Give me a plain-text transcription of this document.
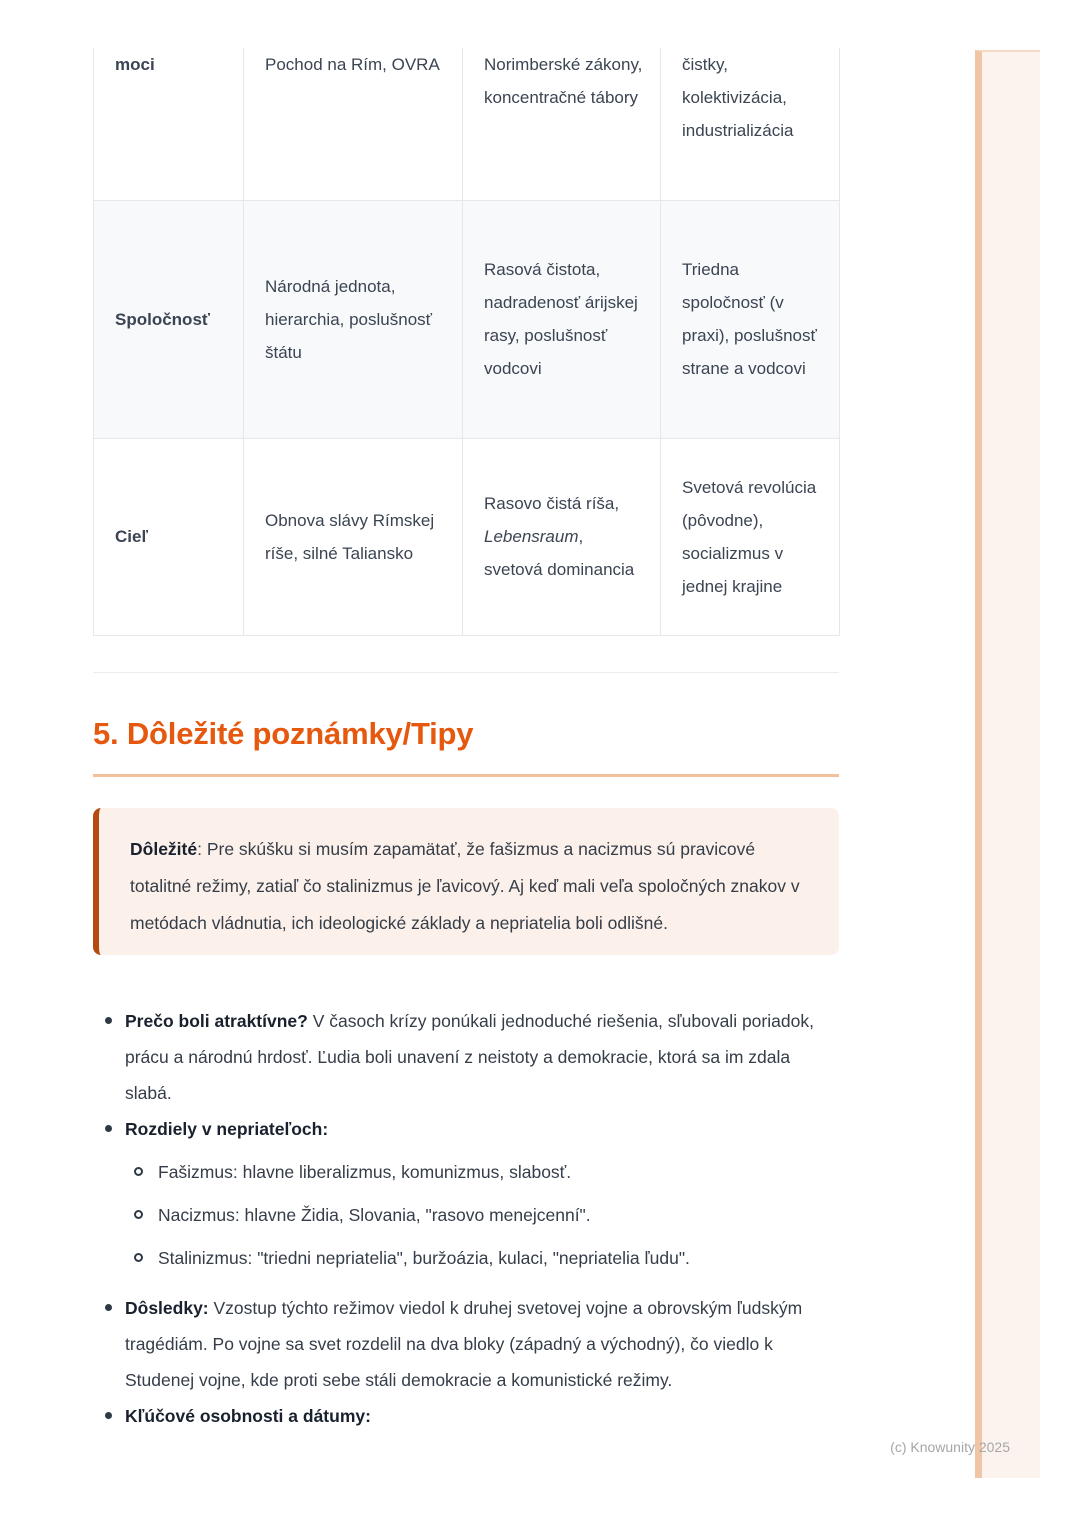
moci	Pochod na Rím, OVRA	Norimberské zákony, koncentračné tábory	čistky, kolektivizácia, industrializácia
Spoločnosť	Národná jednota, hierarchia, poslušnosť štátu	Rasová čistota, nadradenosť árijskej rasy, poslušnosť vodcovi	Triedna spoločnosť (v praxi), poslušnosť strane a vodcovi
Cieľ	Obnova slávy Rímskej ríše, silné Taliansko	Rasovo čistá ríša, Lebensraum, svetová dominancia	Svetová revolúcia (pôvodne), socializmus v jednej krajine
5. Dôležité poznámky/Tipy
Dôležité: Pre skúšku si musím zapamätať, že fašizmus a nacizmus sú pravicové totalitné režimy, zatiaľ čo stalinizmus je ľavicový. Aj keď mali veľa spoločných znakov v metódach vládnutia, ich ideologické základy a nepriatelia boli odlišné.
Prečo boli atraktívne? V časoch krízy ponúkali jednoduché riešenia, sľubovali poriadok, prácu a národnú hrdosť. Ľudia boli unavení z neistoty a demokracie, ktorá sa im zdala slabá.
Rozdiely v nepriateľoch:
Fašizmus: hlavne liberalizmus, komunizmus, slabosť.
Nacizmus: hlavne Židia, Slovania, "rasovo menejcenní".
Stalinizmus: "triedni nepriatelia", buržoázia, kulaci, "nepriatelia ľudu".
Dôsledky: Vzostup týchto režimov viedol k druhej svetovej vojne a obrovským ľudským tragédiám. Po vojne sa svet rozdelil na dva bloky (západný a východný), čo viedlo k Studenej vojne, kde proti sebe stáli demokracie a komunistické režimy.
Kľúčové osobnosti a dátumy:
(c) Knowunity 2025
